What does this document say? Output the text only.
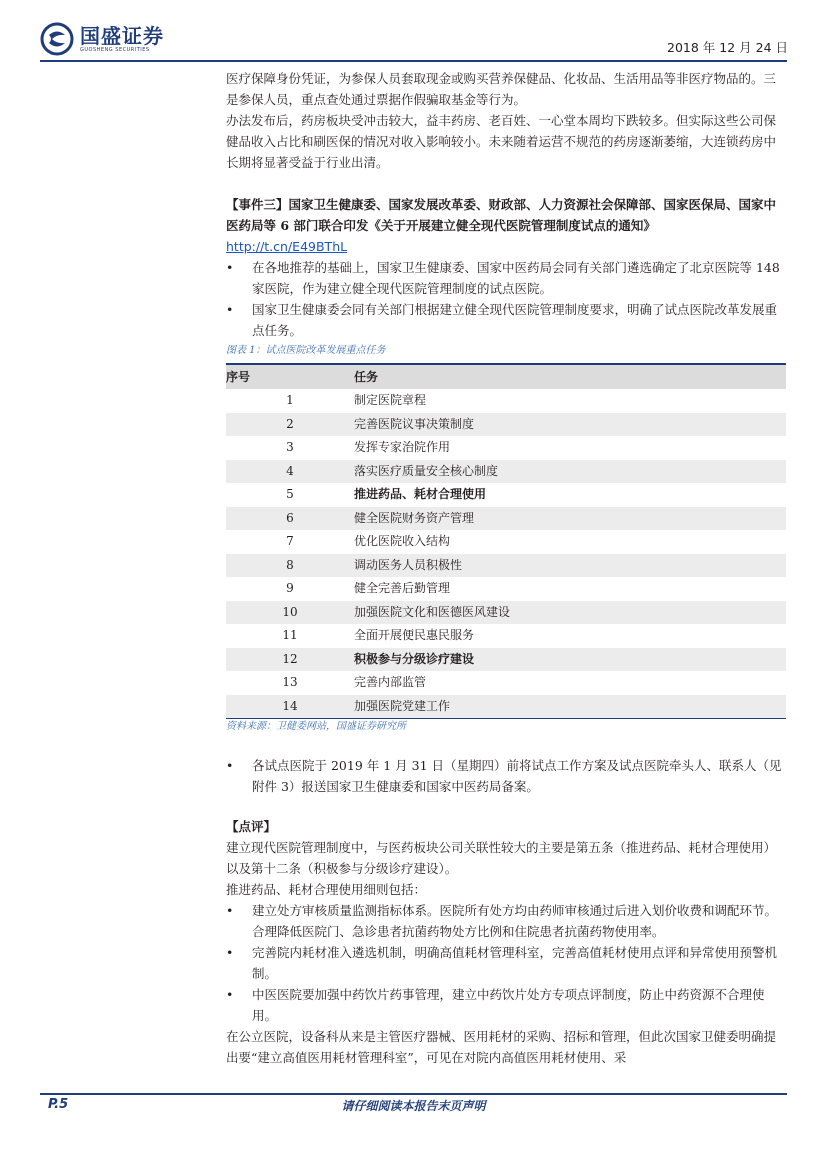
国盛证券
GUOSHENG SECURITIES	2018 年 12 月 24 日

医疗保障身份凭证，为参保人员套取现金或购买营养保健品、化妆品、生活用品等非医疗物品的。三是参保人员，重点查处通过票据作假骗取基金等行为。

办法发布后，药房板块受冲击较大，益丰药房、老百姓、一心堂本周均下跌较多。但实际这些公司保健品收入占比和刷医保的情况对收入影响较小。未来随着运营不规范的药房逐渐萎缩，大连锁药房中长期将显著受益于行业出清。

【事件三】国家卫生健康委、国家发展改革委、财政部、人力资源社会保障部、国家医保局、国家中医药局等 6 部门联合印发《关于开展建立健全现代医院管理制度试点的通知》

http://t.cn/E49BThL

• 在各地推荐的基础上，国家卫生健康委、国家中医药局会同有关部门遴选确定了北京医院等 148 家医院，作为建立健全现代医院管理制度的试点医院。

• 国家卫生健康委会同有关部门根据建立健全现代医院管理制度要求，明确了试点医院改革发展重点任务。

图表 1：试点医院改革发展重点任务
序号	任务
1	制定医院章程
2	完善医院议事决策制度
3	发挥专家治院作用
4	落实医疗质量安全核心制度
5	推进药品、耗材合理使用
6	健全医院财务资产管理
7	优化医院收入结构
8	调动医务人员积极性
9	健全完善后勤管理
10	加强医院文化和医德医风建设
11	全面开展便民惠民服务
12	积极参与分级诊疗建设
13	完善内部监管
14	加强医院党建工作
资料来源：卫健委网站，国盛证券研究所

• 各试点医院于 2019 年 1 月 31 日（星期四）前将试点工作方案及试点医院牵头人、联系人（见附件 3）报送国家卫生健康委和国家中医药局备案。

【点评】

建立现代医院管理制度中，与医药板块公司关联性较大的主要是第五条（推进药品、耗材合理使用）以及第十二条（积极参与分级诊疗建设）。

推进药品、耗材合理使用细则包括：

• 建立处方审核质量监测指标体系。医院所有处方均由药师审核通过后进入划价收费和调配环节。合理降低医院门、急诊患者抗菌药物处方比例和住院患者抗菌药物使用率。

• 完善院内耗材准入遴选机制，明确高值耗材管理科室，完善高值耗材使用点评和异常使用预警机制。

• 中医医院要加强中药饮片药事管理，建立中药饮片处方专项点评制度，防止中药资源不合理使用。

在公立医院，设备科从来是主管医疗器械、医用耗材的采购、招标和管理，但此次国家卫健委明确提出要“建立高值医用耗材管理科室”，可见在对院内高值医用耗材使用、采

P.5	请仔细阅读本报告末页声明
